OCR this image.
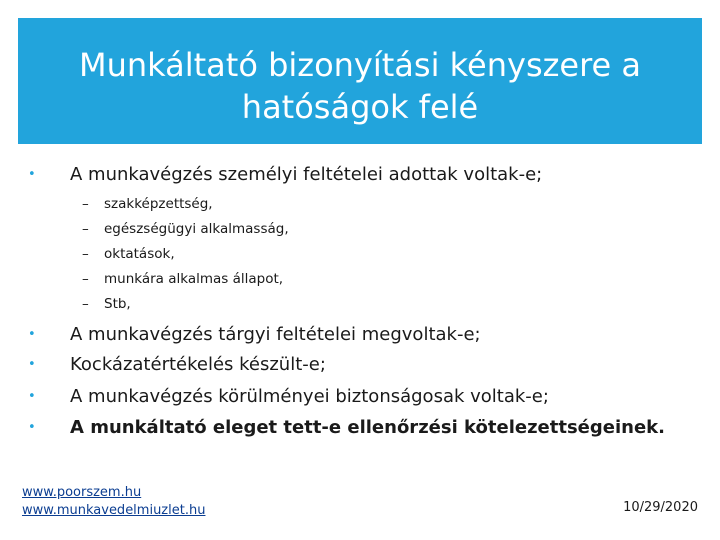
Munkáltató bizonyítási kényszere a
hatóságok felé
• A munkavégzés személyi feltételei adottak voltak-e;
– szakképzettség,
– egészségügyi alkalmasság,
– oktatások,
– munkára alkalmas állapot,
– Stb,
• A munkavégzés tárgyi feltételei megvoltak-e;
• Kockázatértékelés készült-e;
• A munkavégzés körülményei biztonságosak voltak-e;
• A munkáltató eleget tett-e ellenőrzési kötelezettségeinek.
www.poorszem.hu
www.munkavedelmiuzlet.hu	10/29/2020
